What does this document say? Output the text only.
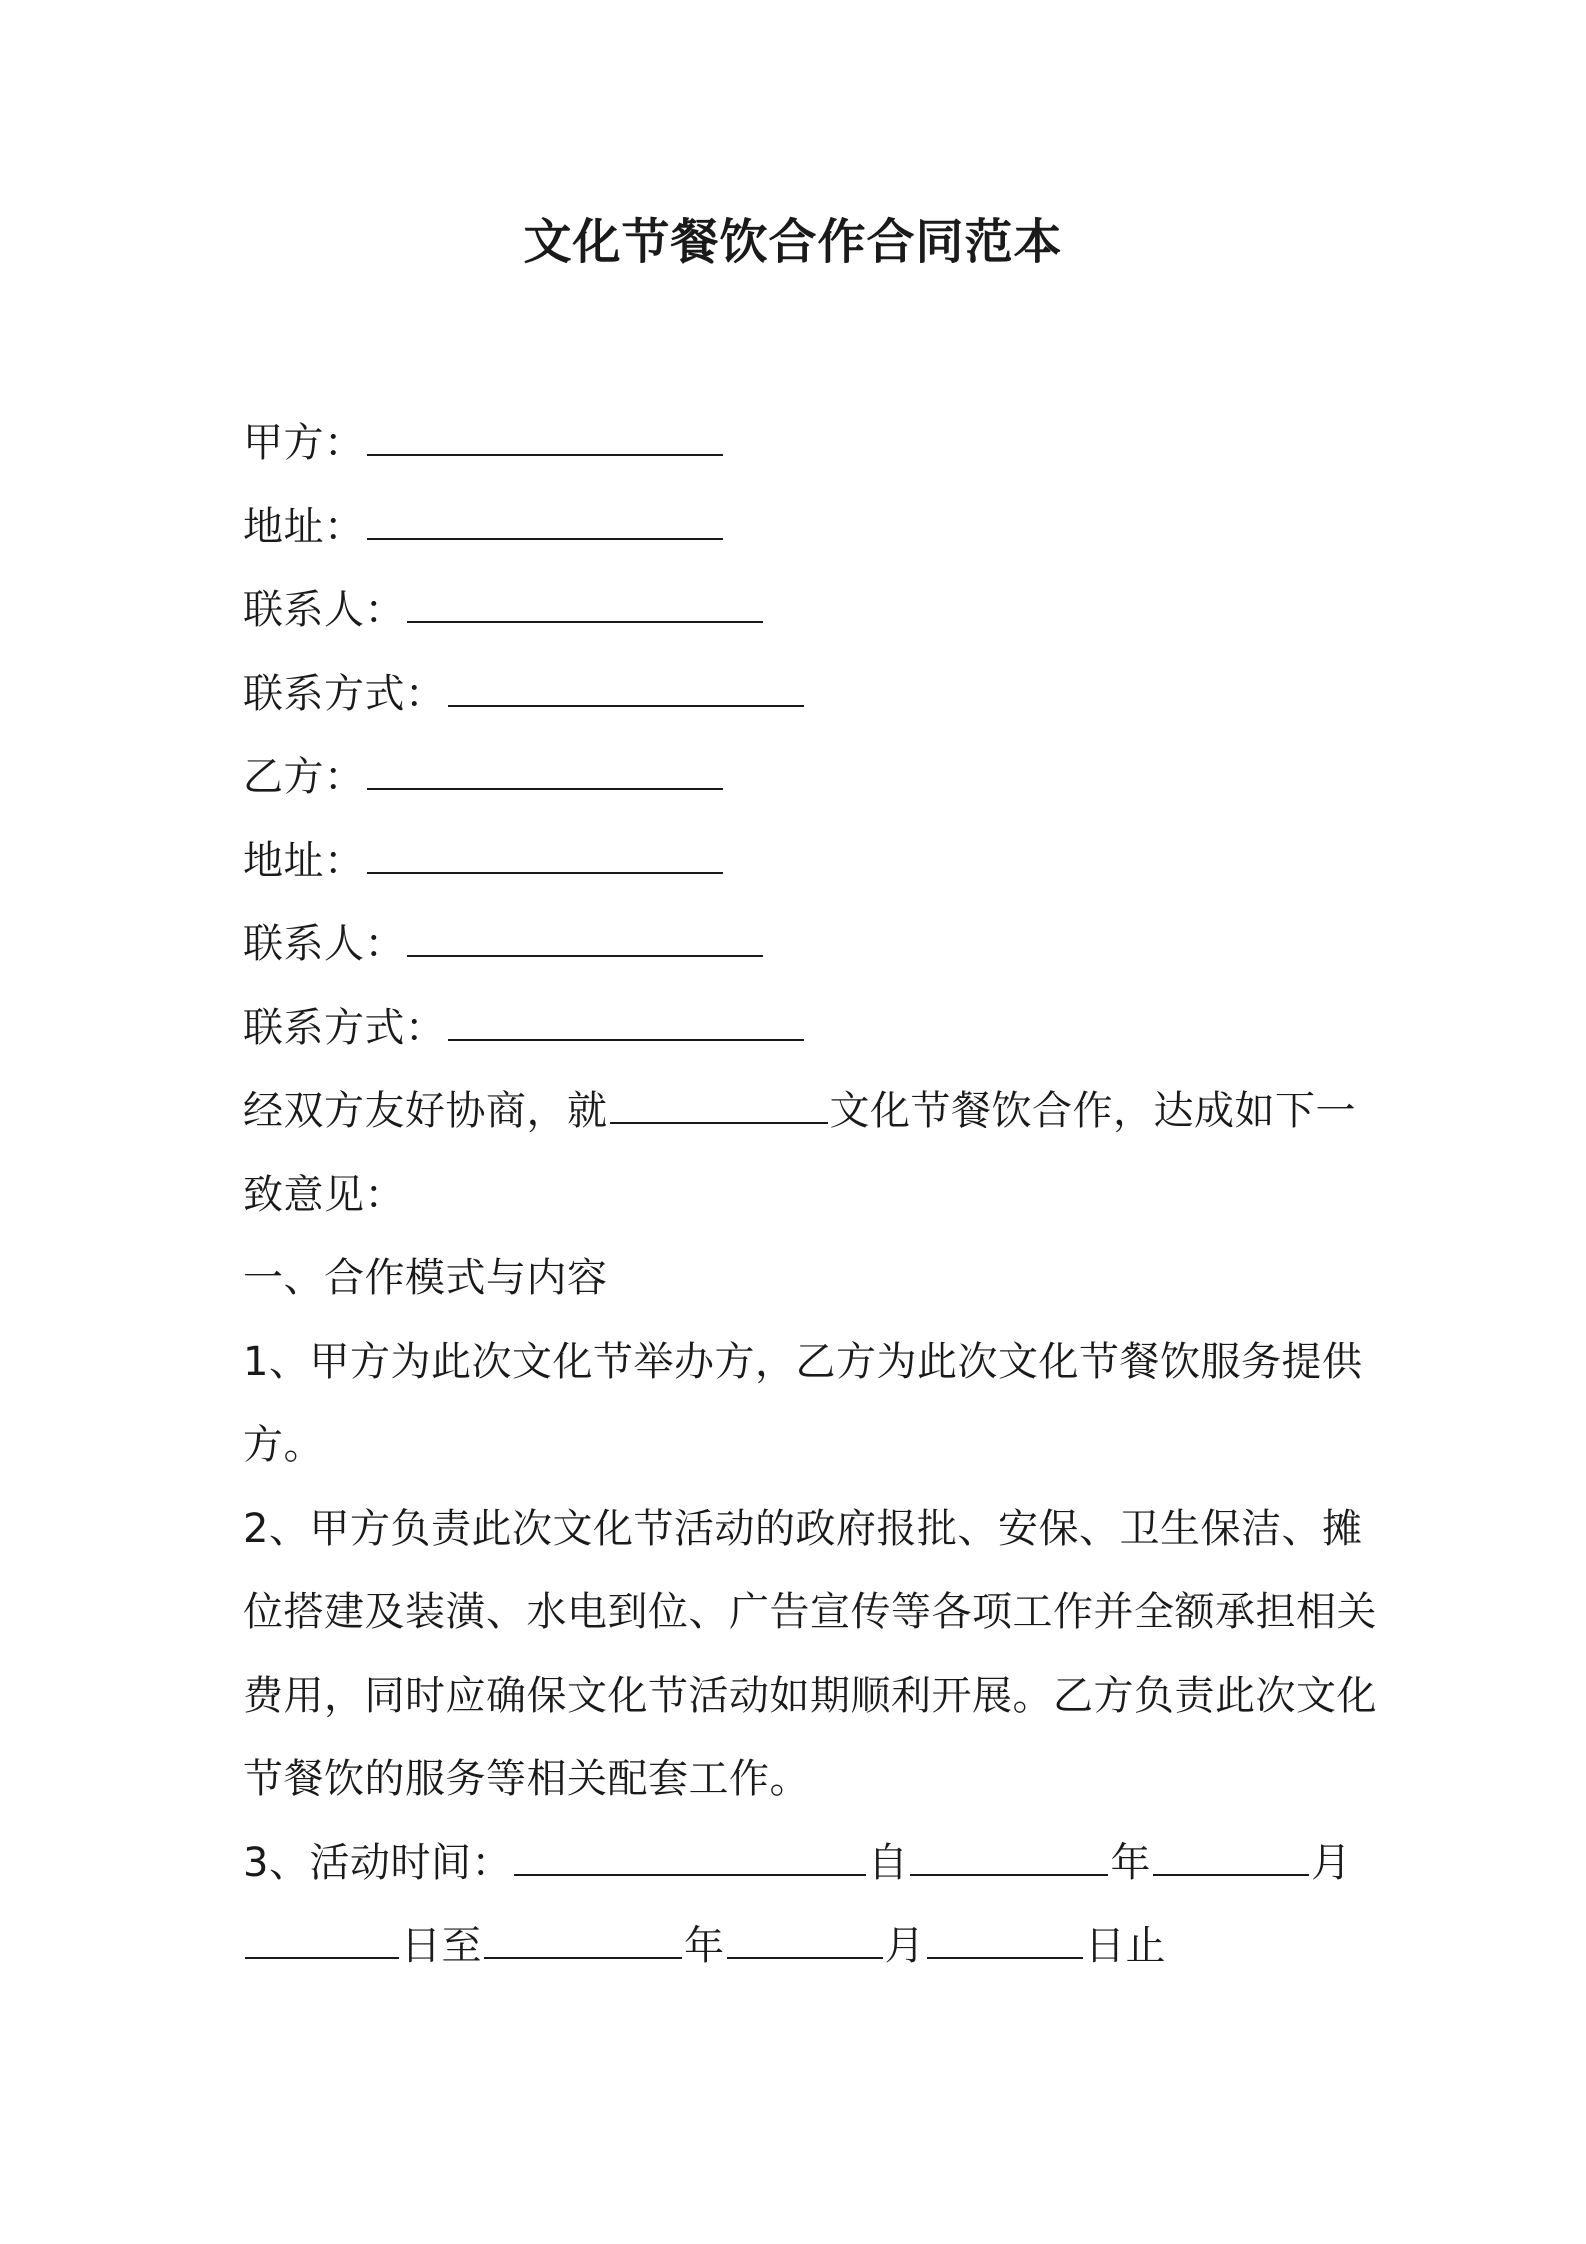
文化节餐饮合作合同范本
甲方：
地址：
联系人：
联系方式：
乙方：
地址：
联系人：
联系方式：
经双方友好协商，就	文化节餐饮合作，达成如下一
致意见：
一、合作模式与内容
1、甲方为此次文化节举办方，乙方为此次文化节餐饮服务提供
方。
2、甲方负责此次文化节活动的政府报批、安保、卫生保洁、摊
位搭建及装潢、水电到位、广告宣传等各项工作并全额承担相关
费用，同时应确保文化节活动如期顺利开展。乙方负责此次文化
节餐饮的服务等相关配套工作。
3、活动时间：	自	年	月
日至	年	月	日止
